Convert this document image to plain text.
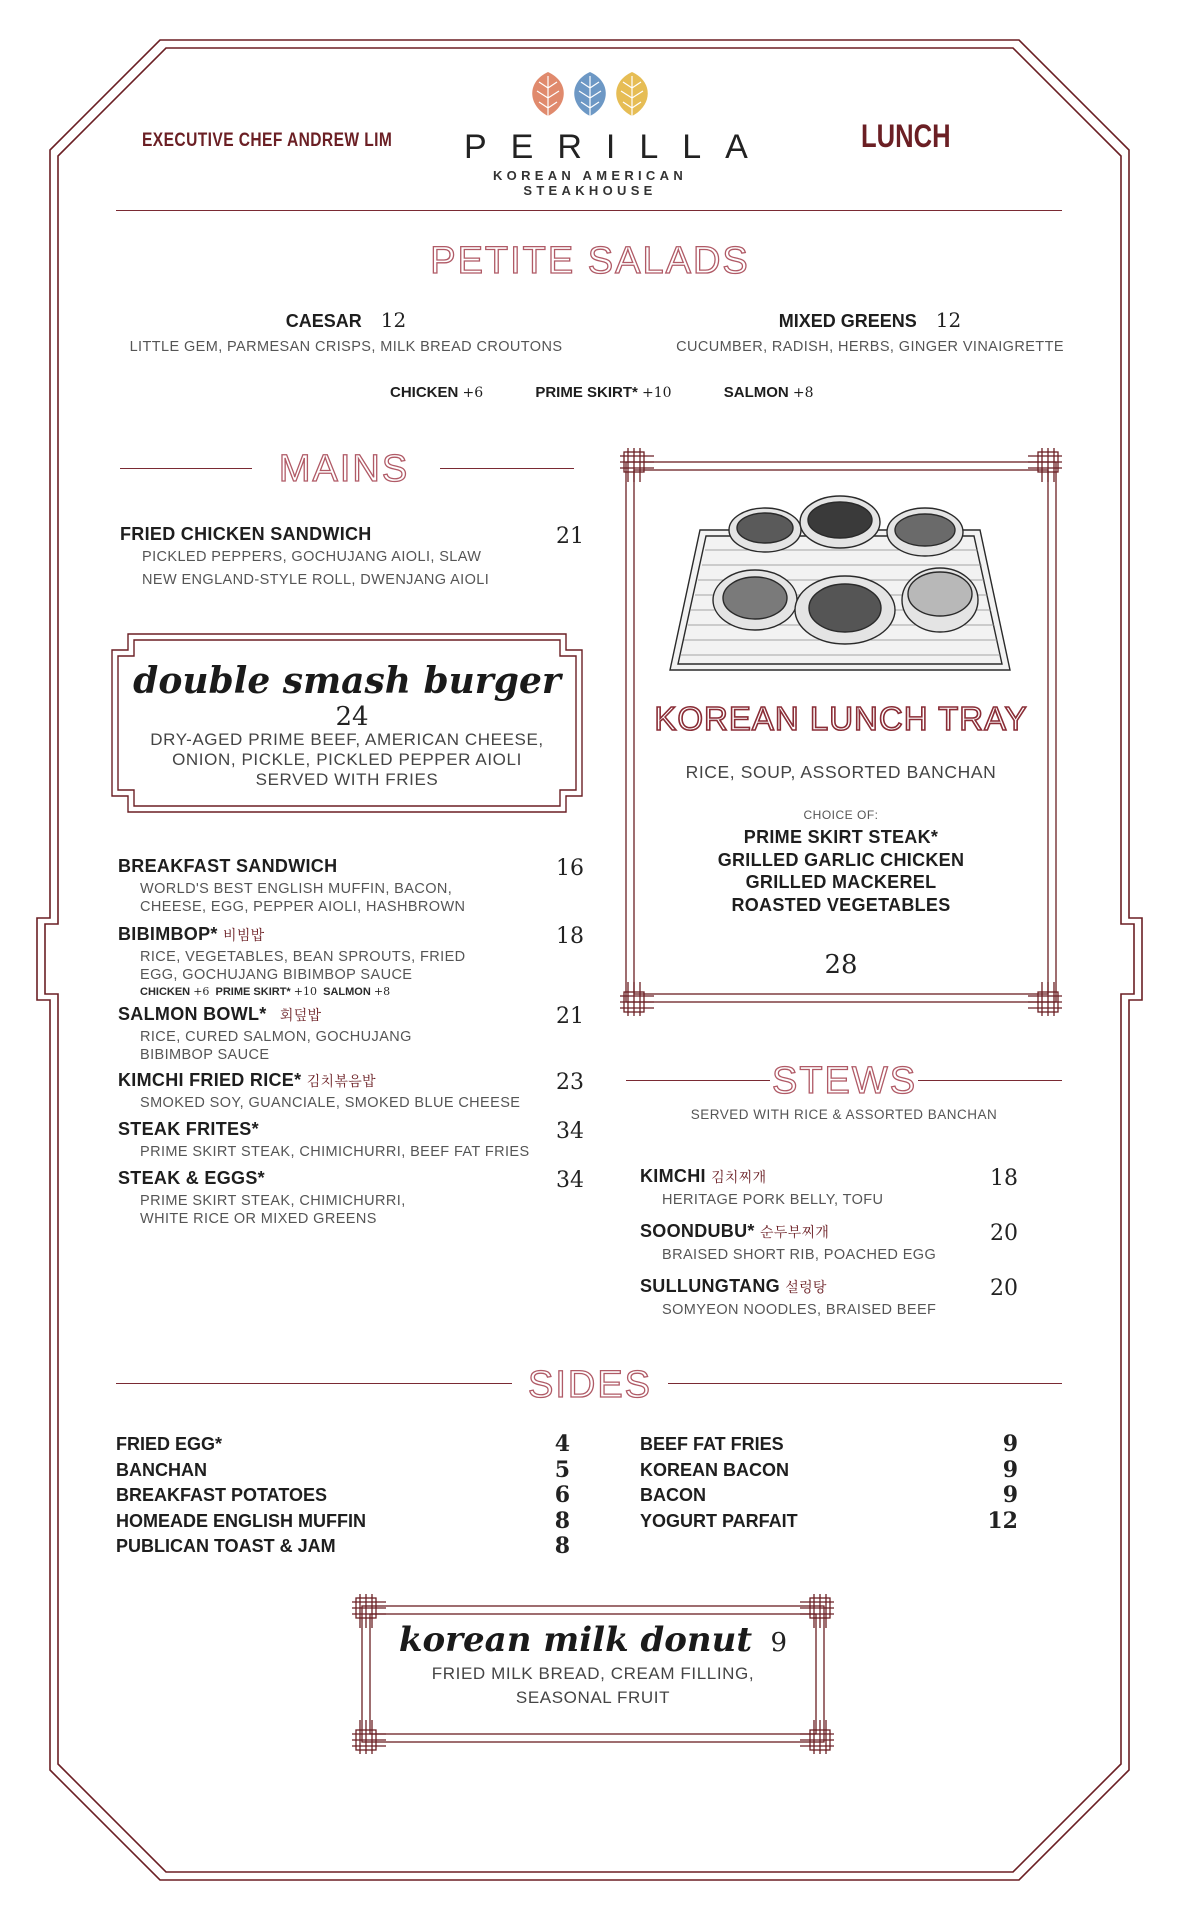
EXECUTIVE CHEF ANDREW LIM	PERILLA
KOREAN AMERICAN STEAKHOUSE
LUNCH
PETITE SALADS
CAESAR 12
LITTLE GEM, PARMESAN CRISPS, MILK BREAD CROUTONS
MIXED GREENS 12
CUCUMBER, RADISH, HERBS, GINGER VINAIGRETTE
CHICKEN +6	PRIME SKIRT* +10	SALMON +8
MAINS
FRIED CHICKEN SANDWICH	21
PICKLED PEPPERS, GOCHUJANG AIOLI, SLAW
NEW ENGLAND-STYLE ROLL, DWENJANG AIOLI
double smash burger 24
DRY-AGED PRIME BEEF, AMERICAN CHEESE,
ONION, PICKLE, PICKLED PEPPER AIOLI
SERVED WITH FRIES
BREAKFAST SANDWICH	16
WORLD'S BEST ENGLISH MUFFIN, BACON,
CHEESE, EGG, PEPPER AIOLI, HASHBROWN
BIBIMBOP* 비빔밥	18
RICE, VEGETABLES, BEAN SPROUTS, FRIED
EGG, GOCHUJANG BIBIMBOP SAUCE
CHICKEN +6 PRIME SKIRT* +10 SALMON +8
SALMON BOWL* 회덮밥	21
RICE, CURED SALMON, GOCHUJANG
BIBIMBOP SAUCE
KIMCHI FRIED RICE* 김치볶음밥	23
SMOKED SOY, GUANCIALE, SMOKED BLUE CHEESE
STEAK FRITES*	34
PRIME SKIRT STEAK, CHIMICHURRI, BEEF FAT FRIES
STEAK & EGGS*	34
PRIME SKIRT STEAK, CHIMICHURRI,
WHITE RICE OR MIXED GREENS
KOREAN LUNCH TRAY
RICE, SOUP, ASSORTED BANCHAN
CHOICE OF:
PRIME SKIRT STEAK*
GRILLED GARLIC CHICKEN
GRILLED MACKEREL
ROASTED VEGETABLES
28
STEWS
SERVED WITH RICE & ASSORTED BANCHAN
KIMCHI 김치찌개	18
HERITAGE PORK BELLY, TOFU
SOONDUBU* 순두부찌개	20
BRAISED SHORT RIB, POACHED EGG
SULLUNGTANG 설렁탕	20
SOMYEON NOODLES, BRAISED BEEF
SIDES
FRIED EGG*	4
BANCHAN	5
BREAKFAST POTATOES	6
HOMEADE ENGLISH MUFFIN	8
PUBLICAN TOAST & JAM	8
BEEF FAT FRIES	9
KOREAN BACON	9
BACON	9
YOGURT PARFAIT	12
korean milk donut 9
FRIED MILK BREAD, CREAM FILLING,
SEASONAL FRUIT
